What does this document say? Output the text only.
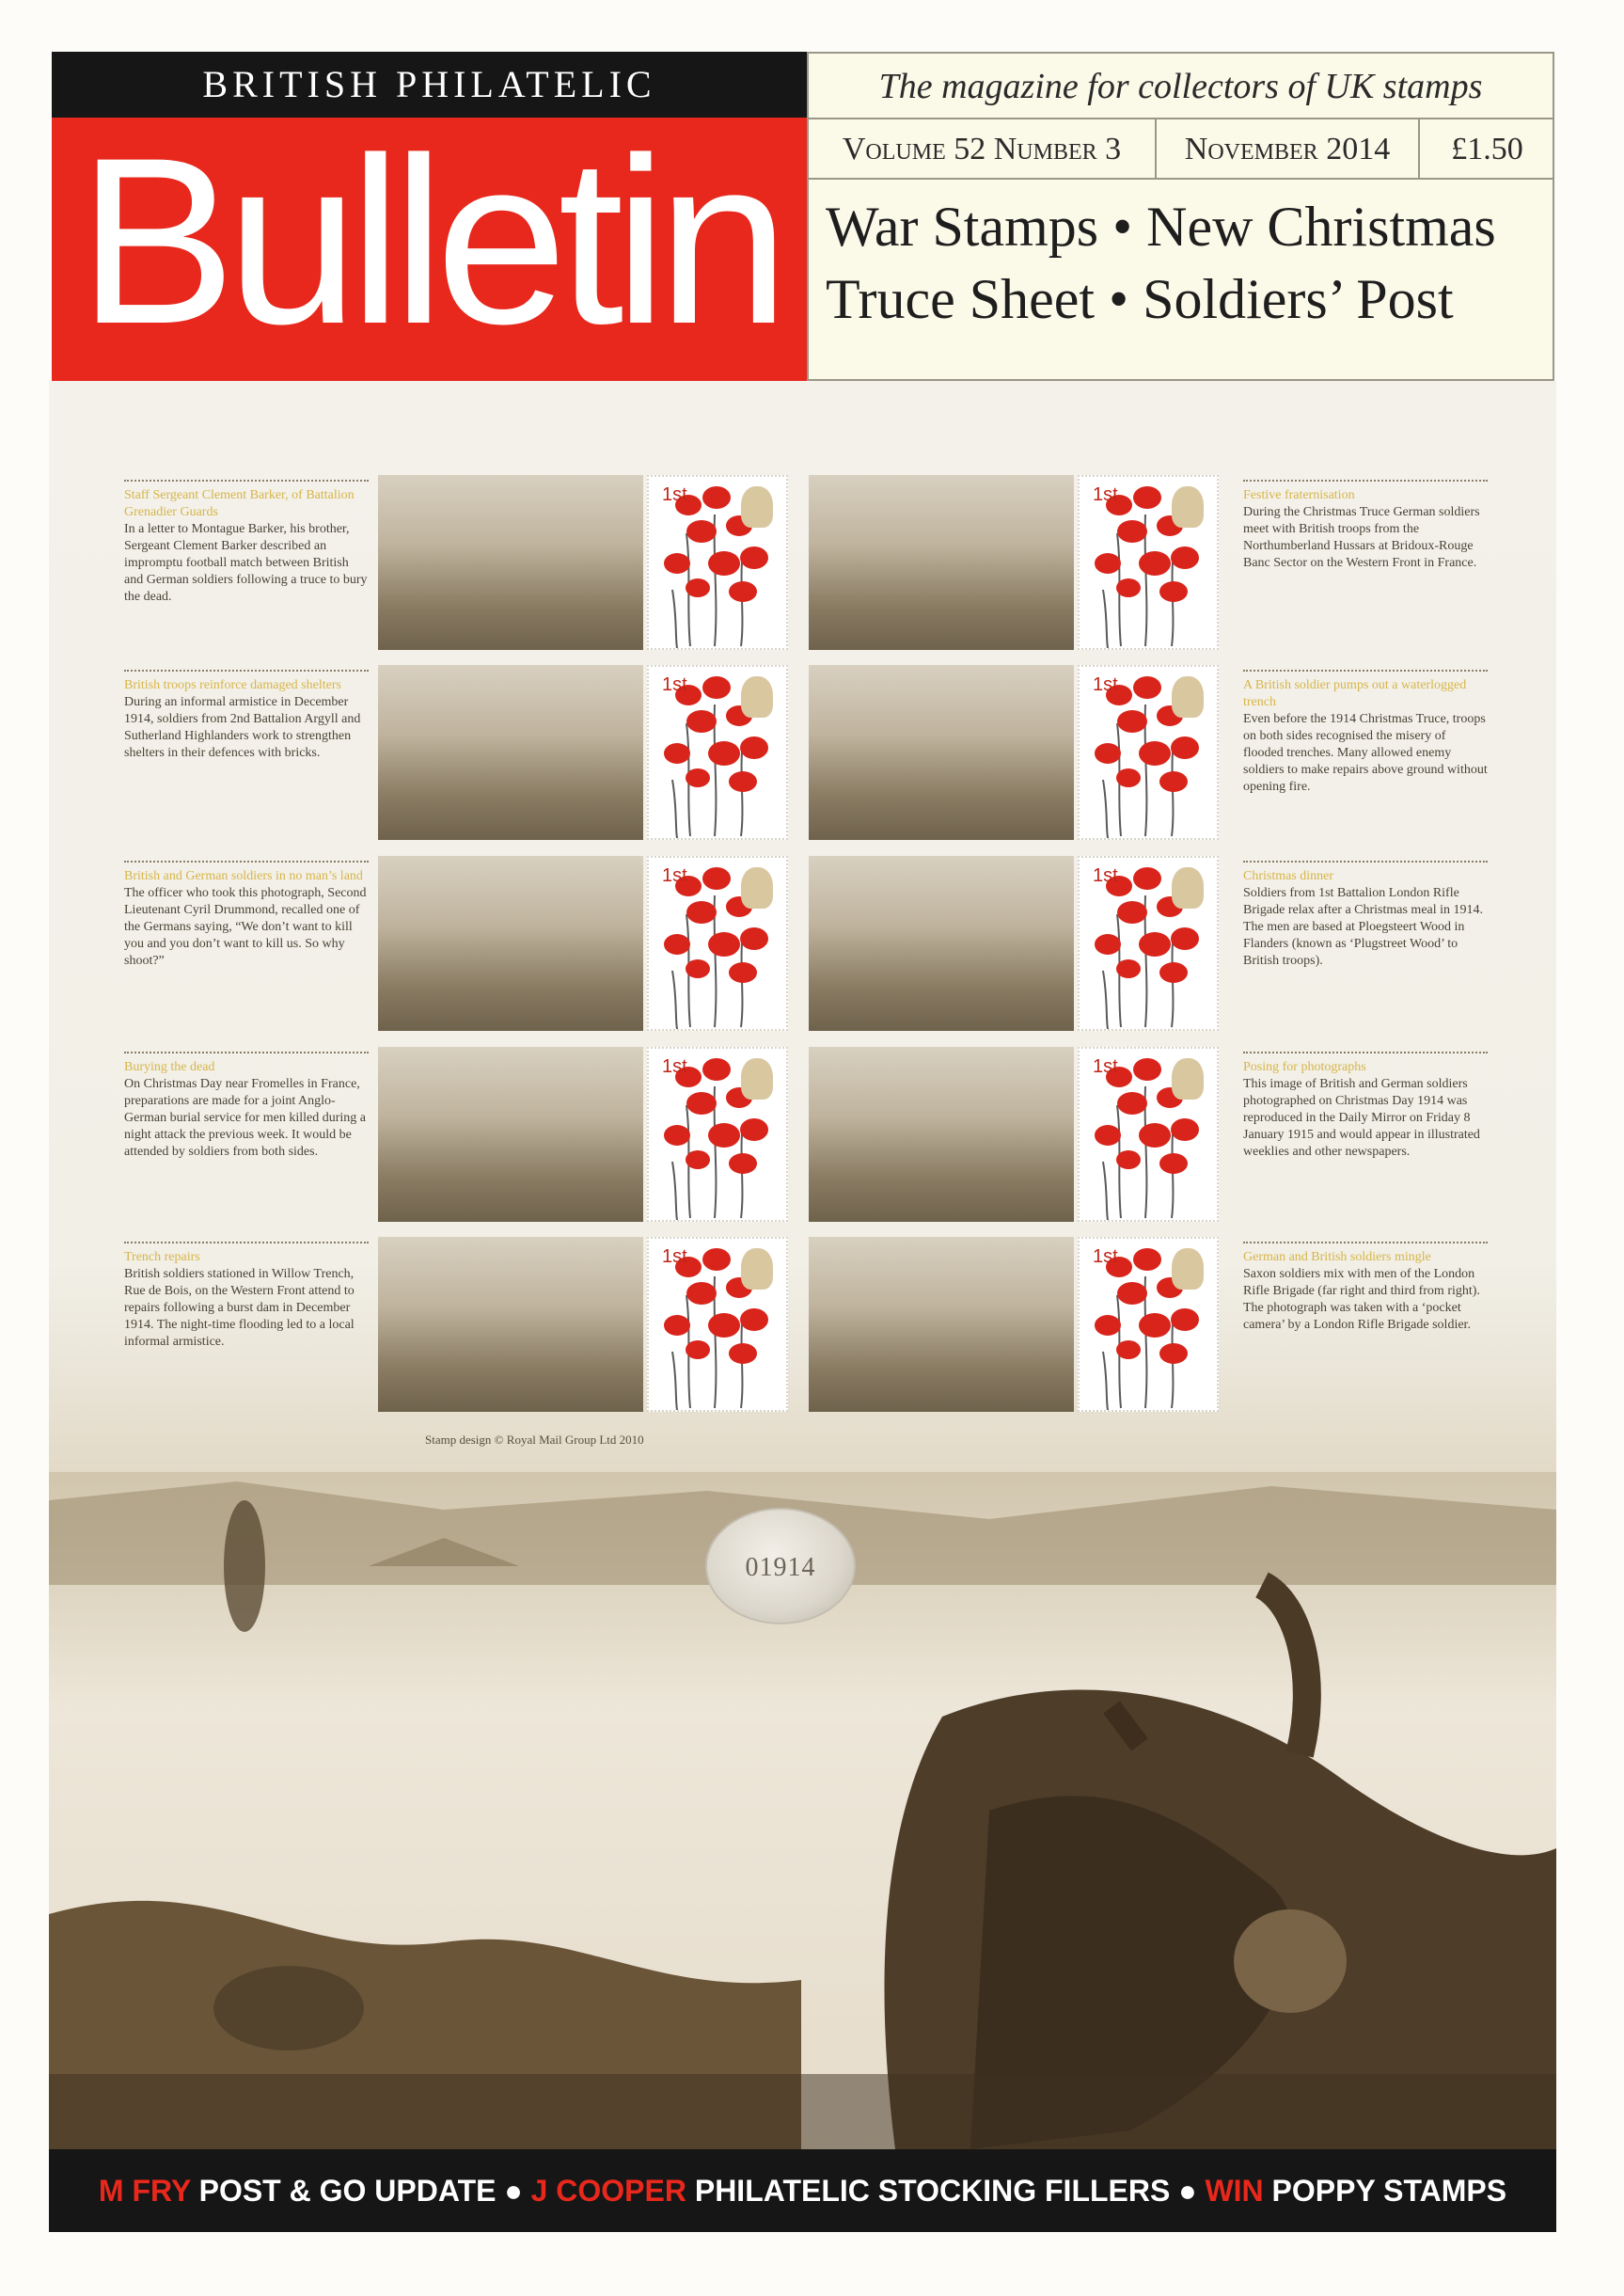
BRITISH PHILATELIC
Bulletin
The magazine for collectors of UK stamps
Volume 52 Number 3	November 2014	£1.50
War Stamps • New Christmas
Truce Sheet • Soldiers’ Post
Staff Sergeant Clement Barker, of Battalion Grenadier Guards
In a letter to Montague Barker, his brother, Sergeant Clement Barker described an impromptu football match between British and German soldiers following a truce to bury the dead.
British troops reinforce damaged shelters
During an informal armistice in December 1914, soldiers from 2nd Battalion Argyll and Sutherland Highlanders work to strengthen shelters in their defences with bricks.
British and German soldiers in no man’s land
The officer who took this photograph, Second Lieutenant Cyril Drummond, recalled one of the Germans saying, “We don’t want to kill you and you don’t want to kill us. So why shoot?”
Burying the dead
On Christmas Day near Fromelles in France, preparations are made for a joint Anglo-German burial service for men killed during a night attack the previous week. It would be attended by soldiers from both sides.
Trench repairs
British soldiers stationed in Willow Trench, Rue de Bois, on the Western Front attend to repairs following a burst dam in December 1914. The night-time flooding led to a local informal armistice.
Festive fraternisation
During the Christmas Truce German soldiers meet with British troops from the Northumberland Hussars at Bridoux-Rouge Banc Sector on the Western Front in France.
A British soldier pumps out a waterlogged trench
Even before the 1914 Christmas Truce, troops on both sides recognised the misery of flooded trenches. Many allowed enemy soldiers to make repairs above ground without opening fire.
Christmas dinner
Soldiers from 1st Battalion London Rifle Brigade relax after a Christmas meal in 1914. The men are based at Ploegsteert Wood in Flanders (known as ‘Plugstreet Wood’ to British troops).
Posing for photographs
This image of British and German soldiers photographed on Christmas Day 1914 was reproduced in the Daily Mirror on Friday 8 January 1915 and would appear in illustrated weeklies and other newspapers.
German and British soldiers mingle
Saxon soldiers mix with men of the London Rifle Brigade (far right and third from right). The photograph was taken with a ‘pocket camera’ by a London Rifle Brigade soldier.
1st	1st
1st	1st
1st	1st
1st	1st
1st	1st
Stamp design © Royal Mail Group Ltd 2010
01914
M FRY POST & GO UPDATE ● J COOPER PHILATELIC STOCKING FILLERS ● WIN POPPY STAMPS
